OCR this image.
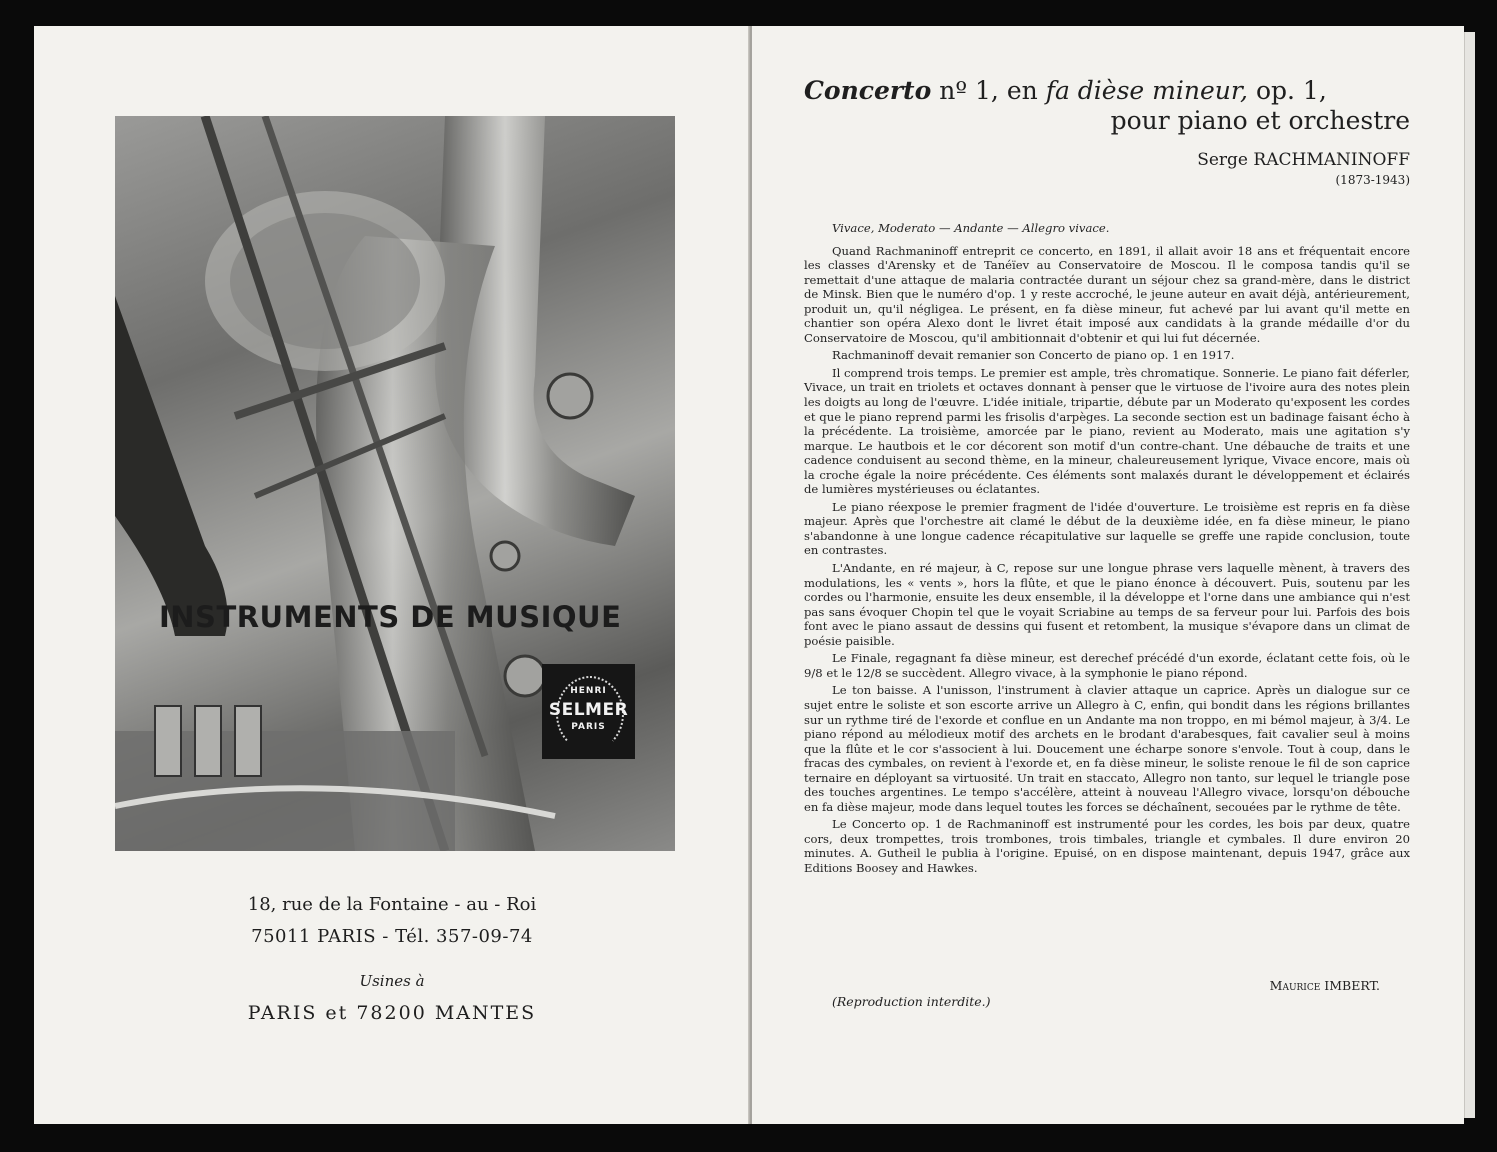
INSTRUMENTS DE MUSIQUE
HENRI
SELMER
PARIS
18, rue de la Fontaine - au - Roi
75011 PARIS - Tél. 357-09-74
Usines à
PARIS et 78200 MANTES

Concerto nº 1, en fa dièse mineur, op. 1,
pour piano et orchestre
Serge RACHMANINOFF
(1873-1943)

Vivace, Moderato — Andante — Allegro vivace.

Quand Rachmaninoff entreprit ce concerto, en 1891, il allait avoir 18 ans et fréquentait encore les classes d'Arensky et de Tanéïev au Conservatoire de Moscou. Il le composa tandis qu'il se remettait d'une attaque de malaria contractée durant un séjour chez sa grand-mère, dans le district de Minsk. Bien que le numéro d'op. 1 y reste accroché, le jeune auteur en avait déjà, antérieurement, produit un, qu'il négligea. Le présent, en fa dièse mineur, fut achevé par lui avant qu'il mette en chantier son opéra Alexo dont le livret était imposé aux candidats à la grande médaille d'or du Conservatoire de Moscou, qu'il ambitionnait d'obtenir et qui lui fut décernée.

Rachmaninoff devait remanier son Concerto de piano op. 1 en 1917.

Il comprend trois temps. Le premier est ample, très chromatique. Sonnerie. Le piano fait déferler, Vivace, un trait en triolets et octaves donnant à penser que le virtuose de l'ivoire aura des notes plein les doigts au long de l'œuvre. L'idée initiale, tripartie, débute par un Moderato qu'exposent les cordes et que le piano reprend parmi les frisolis d'arpèges. La seconde section est un badinage faisant écho à la précédente. La troisième, amorcée par le piano, revient au Moderato, mais une agitation s'y marque. Le hautbois et le cor décorent son motif d'un contre-chant. Une débauche de traits et une cadence conduisent au second thème, en la mineur, chaleureusement lyrique, Vivace encore, mais où la croche égale la noire précédente. Ces éléments sont malaxés durant le développement et éclairés de lumières mystérieuses ou éclatantes.

Le piano réexpose le premier fragment de l'idée d'ouverture. Le troisième est repris en fa dièse majeur. Après que l'orchestre ait clamé le début de la deuxième idée, en fa dièse mineur, le piano s'abandonne à une longue cadence récapitulative sur laquelle se greffe une rapide conclusion, toute en contrastes.

L'Andante, en ré majeur, à C, repose sur une longue phrase vers laquelle mènent, à travers des modulations, les « vents », hors la flûte, et que le piano énonce à découvert. Puis, soutenu par les cordes ou l'harmonie, ensuite les deux ensemble, il la développe et l'orne dans une ambiance qui n'est pas sans évoquer Chopin tel que le voyait Scriabine au temps de sa ferveur pour lui. Parfois des bois font avec le piano assaut de dessins qui fusent et retombent, la musique s'évapore dans un climat de poésie paisible.

Le Finale, regagnant fa dièse mineur, est derechef précédé d'un exorde, éclatant cette fois, où le 9/8 et le 12/8 se succèdent. Allegro vivace, à la symphonie le piano répond.

Le ton baisse. A l'unisson, l'instrument à clavier attaque un caprice. Après un dialogue sur ce sujet entre le soliste et son escorte arrive un Allegro à C, enfin, qui bondit dans les régions brillantes sur un rythme tiré de l'exorde et conflue en un Andante ma non troppo, en mi bémol majeur, à 3/4. Le piano répond au mélodieux motif des archets en le brodant d'arabesques, fait cavalier seul à moins que la flûte et le cor s'associent à lui. Doucement une écharpe sonore s'envole. Tout à coup, dans le fracas des cymbales, on revient à l'exorde et, en fa dièse mineur, le soliste renoue le fil de son caprice ternaire en déployant sa virtuosité. Un trait en staccato, Allegro non tanto, sur lequel le triangle pose des touches argentines. Le tempo s'accélère, atteint à nouveau l'Allegro vivace, lorsqu'on débouche en fa dièse majeur, mode dans lequel toutes les forces se déchaînent, secouées par le rythme de tête.

Le Concerto op. 1 de Rachmaninoff est instrumenté pour les cordes, les bois par deux, quatre cors, deux trompettes, trois trombones, trois timbales, triangle et cymbales. Il dure environ 20 minutes. A. Gutheil le publia à l'origine. Epuisé, on en dispose maintenant, depuis 1947, grâce aux Editions Boosey and Hawkes.

Maurice IMBERT.
(Reproduction interdite.)
